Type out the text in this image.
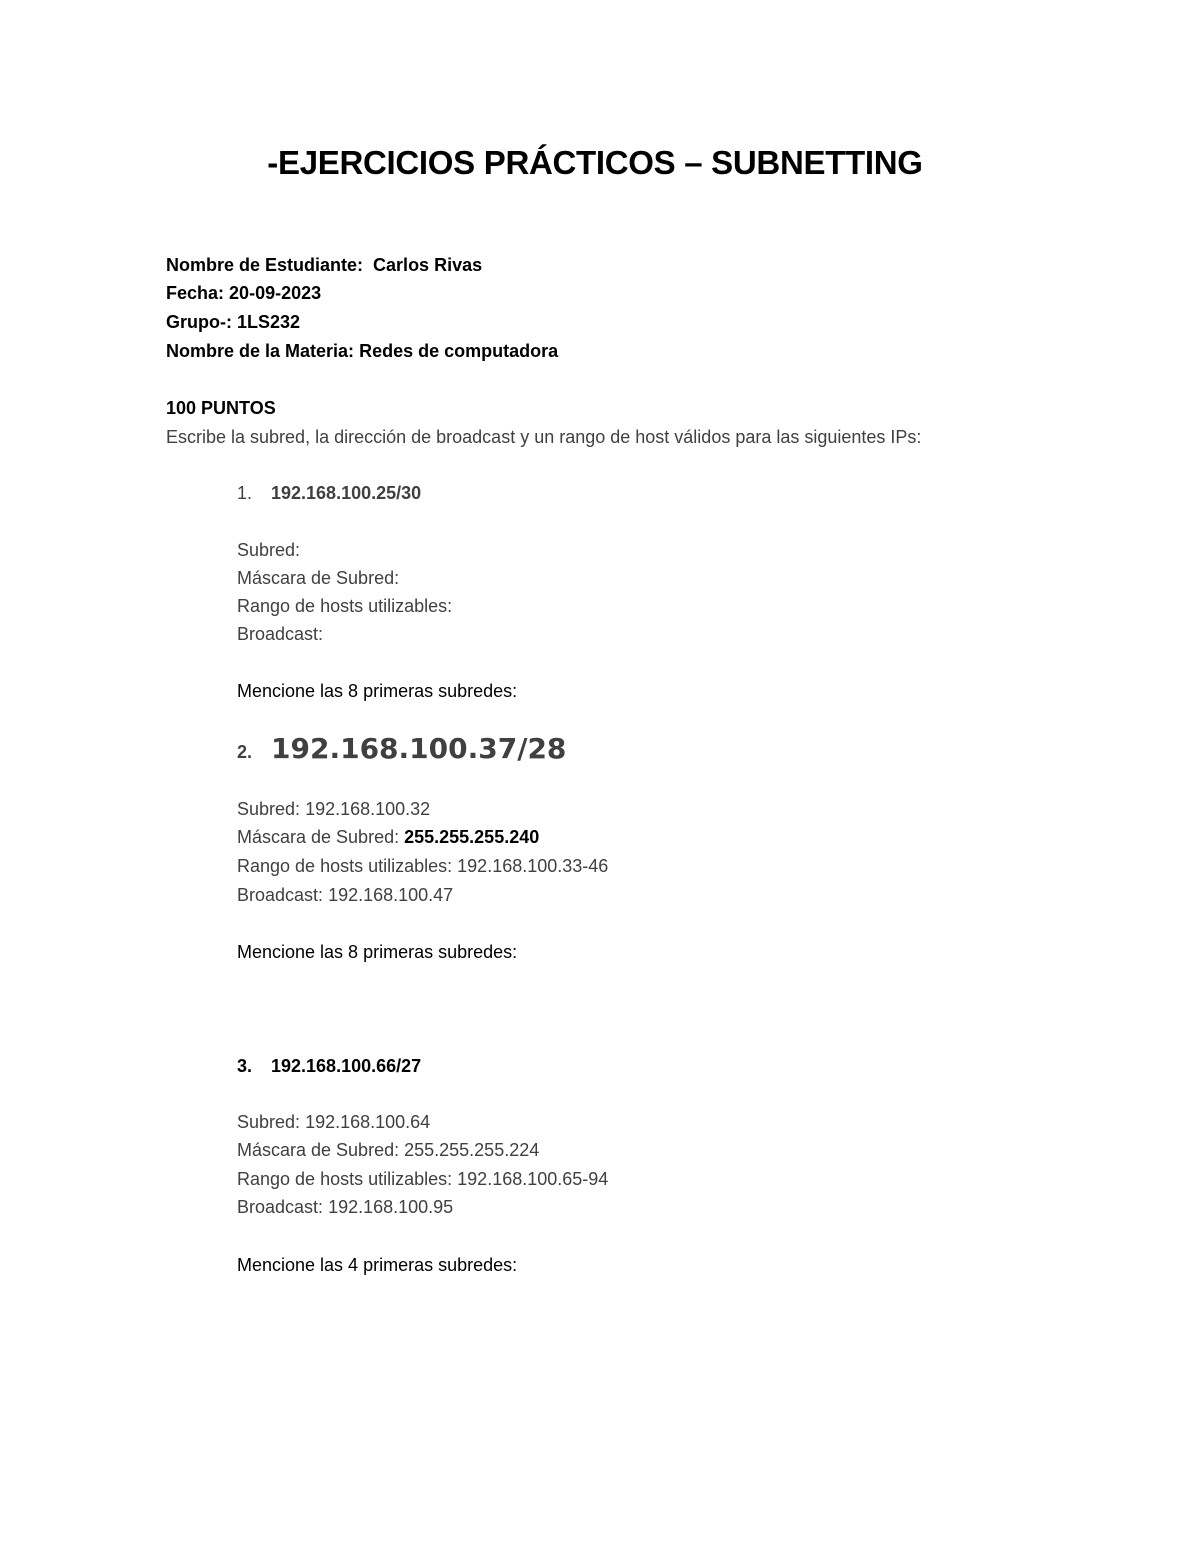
-EJERCICIOS PRÁCTICOS – SUBNETTING
Nombre de Estudiante: Carlos Rivas
Fecha: 20-09-2023
Grupo-: 1LS232
Nombre de la Materia: Redes de computadora
100 PUNTOS
Escribe la subred, la dirección de broadcast y un rango de host válidos para las siguientes IPs:
1. 192.168.100.25/30
Subred:
Máscara de Subred:
Rango de hosts utilizables:
Broadcast:
Mencione las 8 primeras subredes:
2. 192.168.100.37/28
Subred: 192.168.100.32
Máscara de Subred: 255.255.255.240
Rango de hosts utilizables: 192.168.100.33-46
Broadcast: 192.168.100.47
Mencione las 8 primeras subredes:
3. 192.168.100.66/27
Subred: 192.168.100.64
Máscara de Subred: 255.255.255.224
Rango de hosts utilizables: 192.168.100.65-94
Broadcast: 192.168.100.95
Mencione las 4 primeras subredes:
